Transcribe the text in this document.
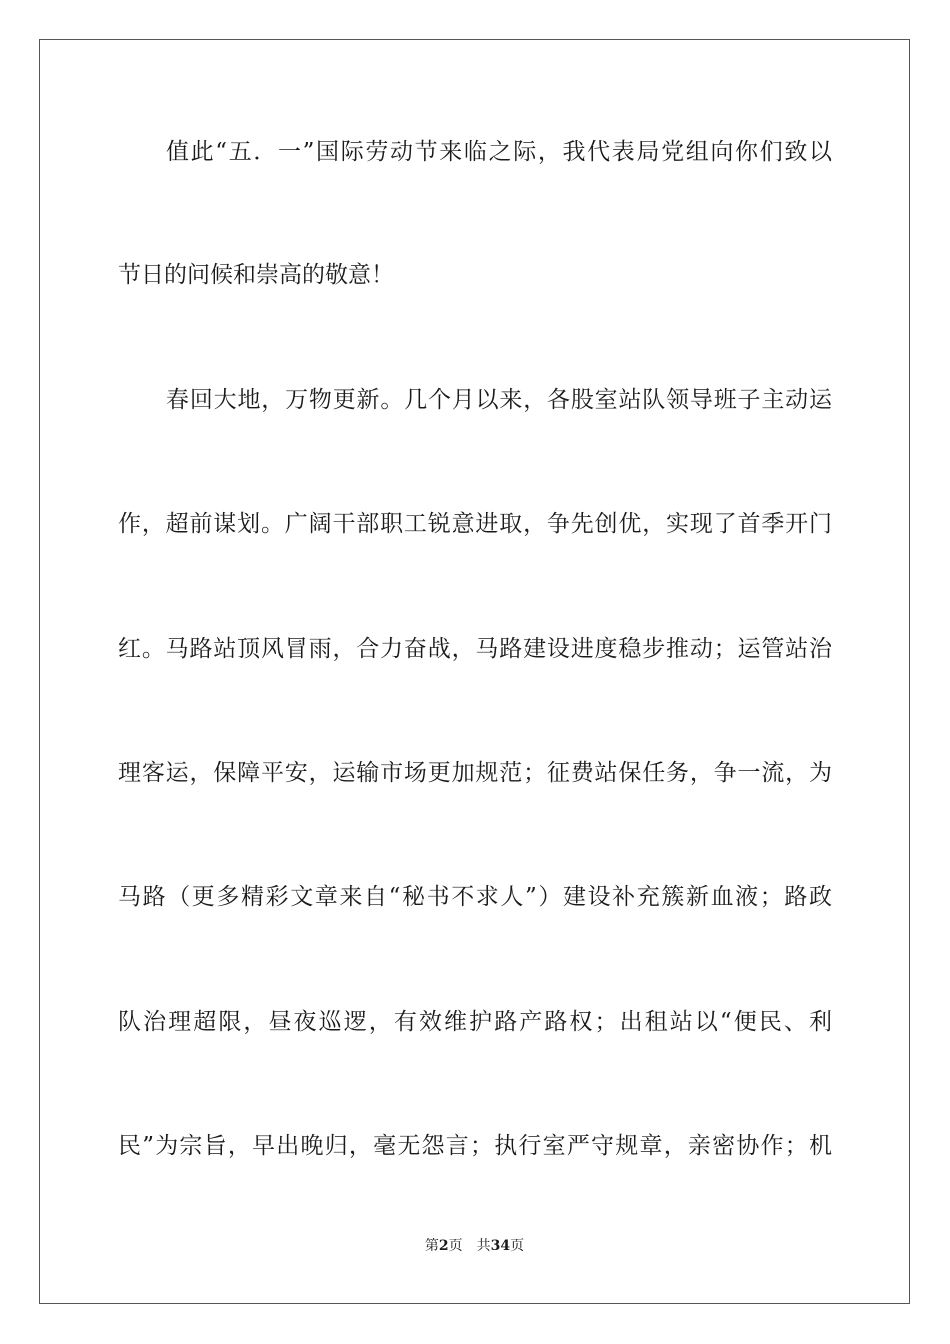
值此“五．一”国际劳动节来临之际，我代表局党组向你们致以
节日的问候和崇高的敬意！
春回大地，万物更新。几个月以来，各股室站队领导班子主动运
作，超前谋划。广阔干部职工锐意进取，争先创优，实现了首季开门
红。马路站顶风冒雨，合力奋战，马路建设进度稳步推动；运管站治
理客运，保障平安，运输市场更加规范；征费站保任务，争一流，为
马路（更多精彩文章来自“秘书不求人”）建设补充簇新血液；路政
队治理超限，昼夜巡逻，有效维护路产路权；出租站以“便民、利
民”为宗旨，早出晚归，毫无怨言；执行室严守规章，亲密协作；机
第2页 共34页
